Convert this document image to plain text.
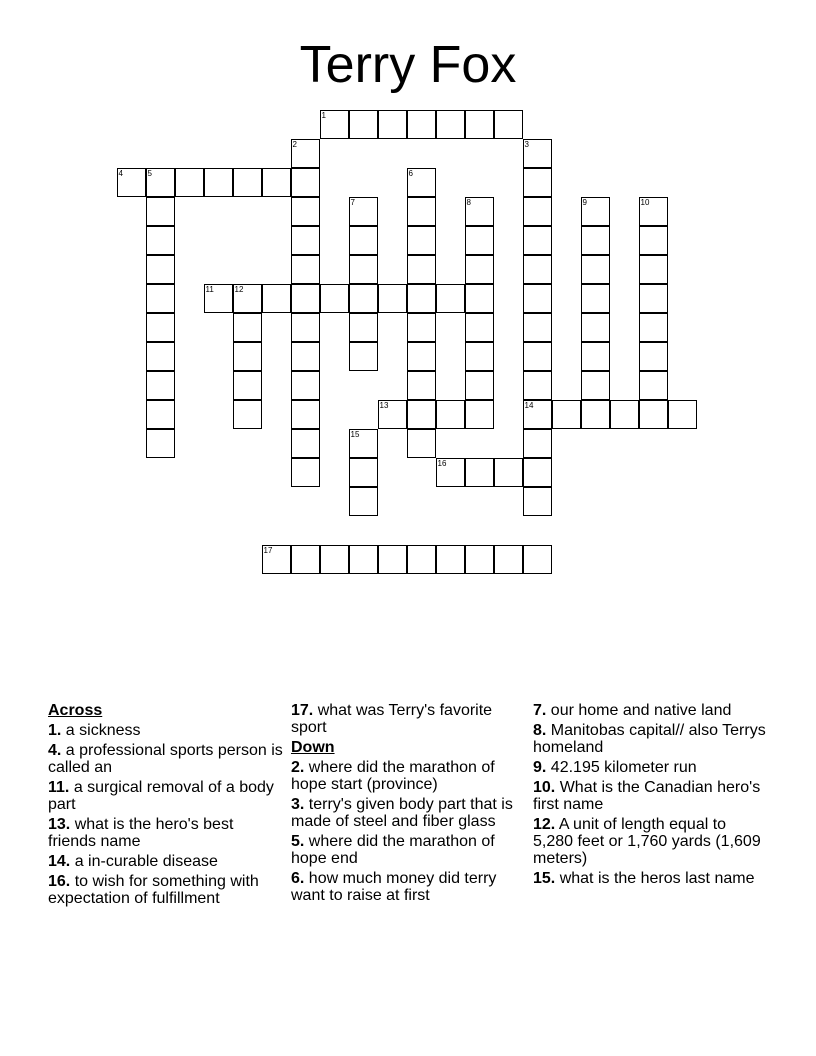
Terry Fox
1
2	3
14
4	5	6
7	8	9	10
11	12
13
15
16
17
Across
1. a sickness
4. a professional sports person is called an
11. a surgical removal of a body part
13. what is the hero's best friends name
14. a in-curable disease
16. to wish for something with expectation of fulfillment
17. what was Terry's favorite sport
Down
2. where did the marathon of hope start (province)
3. terry's given body part that is made of steel and fiber glass
5. where did the marathon of hope end
6. how much money did terry want to raise at first
7. our home and native land
8. Manitobas capital// also Terrys homeland
9. 42.195 kilometer run
10. What is the Canadian hero's first name
12. A unit of length equal to 5,280 feet or 1,760 yards (1,609 meters)
15. what is the heros last name
